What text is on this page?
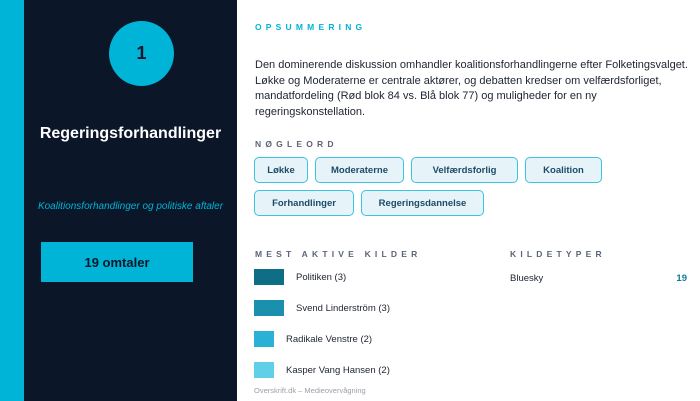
1
Regeringsforhandlinger
Koalitionsforhandlinger og politiske aftaler
19 omtaler
OPSUMMERING
Den dominerende diskussion omhandler koalitionsforhandlingerne efter Folketingsvalget. Løkke og Moderaterne er centrale aktører, og debatten kredser om velfærdsforliget, mandatfordeling (Rød blok 84 vs. Blå blok 77) og muligheder for en ny regeringskonstellation.
NØGLEORD
Løkke	Moderaterne	Velfærdsforlig	Koalition
Forhandlinger	Regeringsdannelse
MEST AKTIVE KILDER
Politiken (3)
Svend Linderström (3)
Radikale Venstre (2)
Kasper Vang Hansen (2)
KILDETYPER
Bluesky	19
Overskrift.dk – Medieovervågning
